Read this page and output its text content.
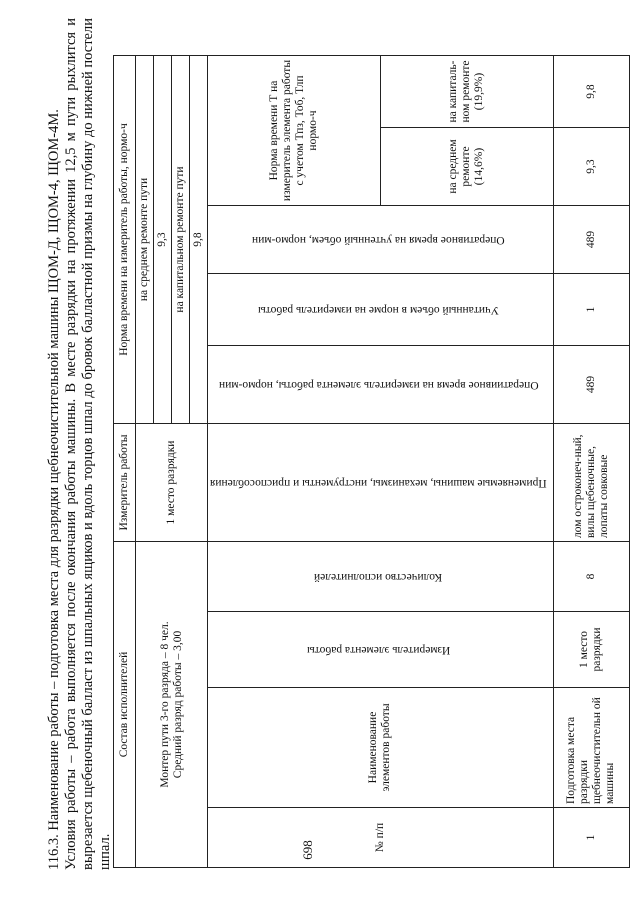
698

116.3. Наименование работы – подготовка места для разрядки щебнеочистительной машины ЩОМ-Д, ЩОМ-4, ЩОМ-4М. Условия работы – работа выполняется после окончания работы машины. В месте разрядки на протяжении 12,5 м пути рыхлится и вырезается щебеночный балласт из шпальных ящиков и вдоль торцов шпал до бровок балластной призмы на глубину до нижней постели шпал.

Состав исполнителей				Измеритель работы	Норма времени на измеритель работы, нормо-ч				

Монтер пути 3-го разряда – 8 чел. Средний разряд работы – 3,00				1 место разрядки	на среднем ремонте пути				
					9,3				
					на капитальном ремонте пути				
					9,8				
№ п/п	Наименование элементов работы	Измеритель элемента работы	Количество исполнителей	Применяемые машины, механизмы, инструменты и приспособления	Оператиивное время на измеритель элемента работы, нормо-мин	Учитанный объем в норме на измеритель работы	Оперативное время на учтенный объем, нормо-мин	Норма времени Т на измеритель элемента работы с учетом Тпз, Тоб, Тлп нормо-ч	
								на среднем ремонте (14,6%)	на капиталь-ном ремонте (19,9%)
1	Подготовка места разрядки щебнеочистительн ой машины	1 место разрядки	8	лом остроконеч-ный, вилы щебеночные, лопаты совковые	489	1	489	9,3	9,8
